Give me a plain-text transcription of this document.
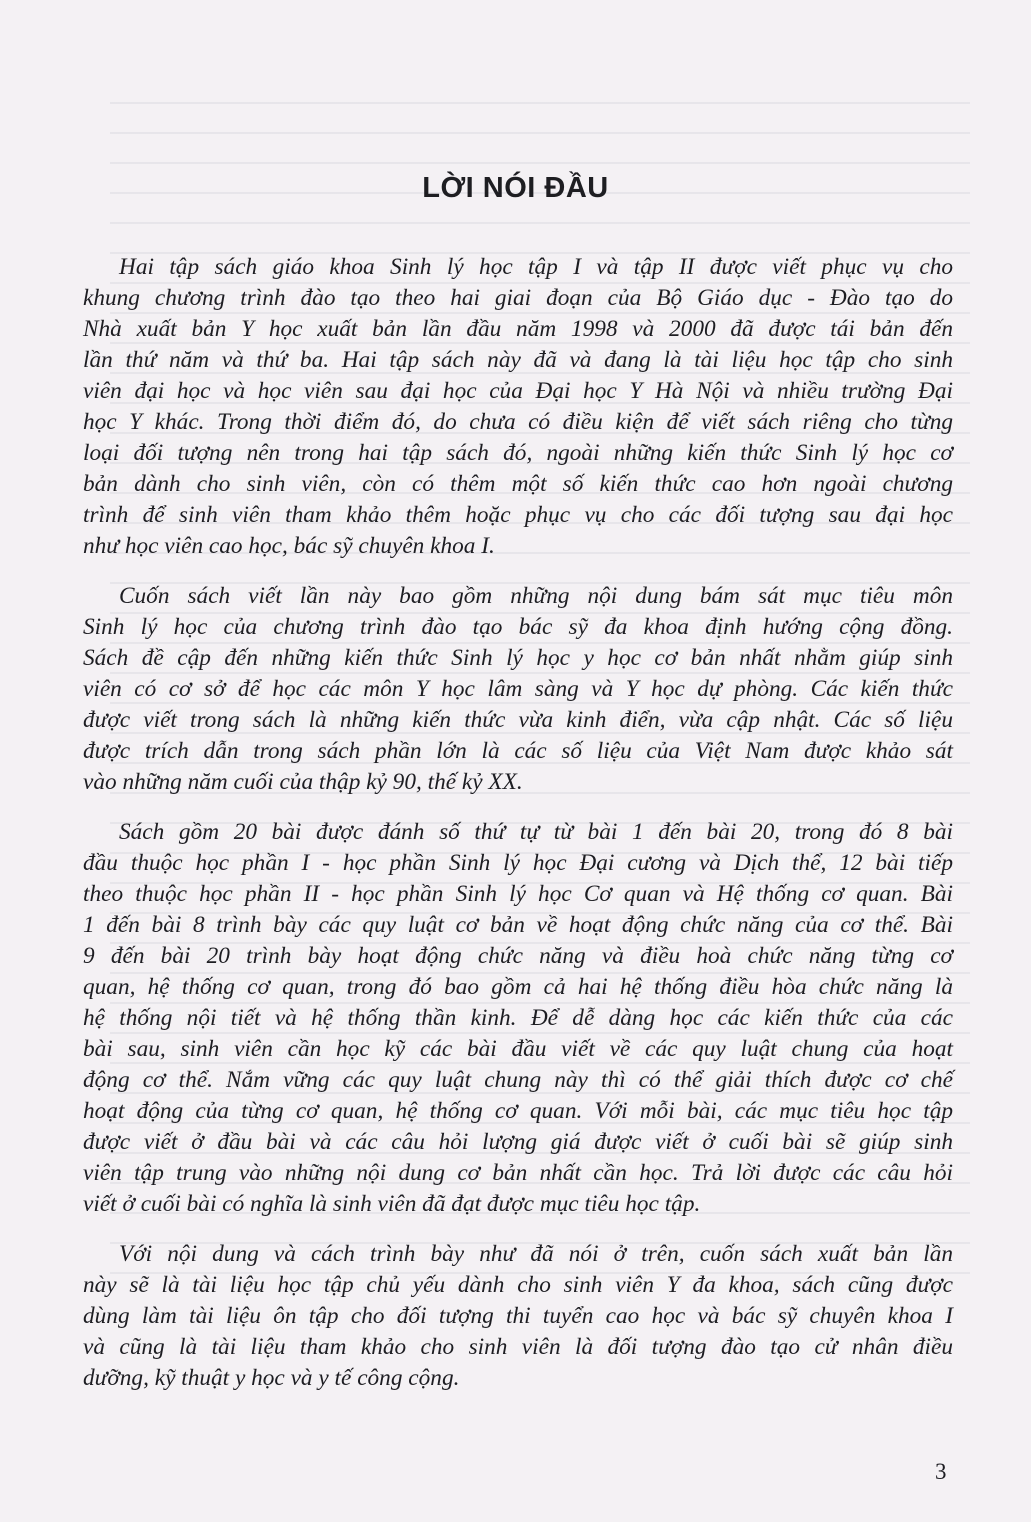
LỜI NÓI ĐẦU

Hai tập sách giáo khoa Sinh lý học tập I và tập II được viết phục vụ cho
khung chương trình đào tạo theo hai giai đoạn của Bộ Giáo dục - Đào tạo do
Nhà xuất bản Y học xuất bản lần đầu năm 1998 và 2000 đã được tái bản đến
lần thứ năm và thứ ba. Hai tập sách này đã và đang là tài liệu học tập cho sinh
viên đại học và học viên sau đại học của Đại học Y Hà Nội và nhiều trường Đại
học Y khác. Trong thời điểm đó, do chưa có điều kiện để viết sách riêng cho từng
loại đối tượng nên trong hai tập sách đó, ngoài những kiến thức Sinh lý học cơ
bản dành cho sinh viên, còn có thêm một số kiến thức cao hơn ngoài chương
trình để sinh viên tham khảo thêm hoặc phục vụ cho các đối tượng sau đại học
như học viên cao học, bác sỹ chuyên khoa I.

Cuốn sách viết lần này bao gồm những nội dung bám sát mục tiêu môn
Sinh lý học của chương trình đào tạo bác sỹ đa khoa định hướng cộng đồng.
Sách đề cập đến những kiến thức Sinh lý học y học cơ bản nhất nhằm giúp sinh
viên có cơ sở để học các môn Y học lâm sàng và Y học dự phòng. Các kiến thức
được viết trong sách là những kiến thức vừa kinh điển, vừa cập nhật. Các số liệu
được trích dẫn trong sách phần lớn là các số liệu của Việt Nam được khảo sát
vào những năm cuối của thập kỷ 90, thế kỷ XX.

Sách gồm 20 bài được đánh số thứ tự từ bài 1 đến bài 20, trong đó 8 bài
đầu thuộc học phần I - học phần Sinh lý học Đại cương và Dịch thể, 12 bài tiếp
theo thuộc học phần II - học phần Sinh lý học Cơ quan và Hệ thống cơ quan. Bài
1 đến bài 8 trình bày các quy luật cơ bản về hoạt động chức năng của cơ thể. Bài
9 đến bài 20 trình bày hoạt động chức năng và điều hoà chức năng từng cơ
quan, hệ thống cơ quan, trong đó bao gồm cả hai hệ thống điều hòa chức năng là
hệ thống nội tiết và hệ thống thần kinh. Để dễ dàng học các kiến thức của các
bài sau, sinh viên cần học kỹ các bài đầu viết về các quy luật chung của hoạt
động cơ thể. Nắm vững các quy luật chung này thì có thể giải thích được cơ chế
hoạt động của từng cơ quan, hệ thống cơ quan. Với mỗi bài, các mục tiêu học tập
được viết ở đầu bài và các câu hỏi lượng giá được viết ở cuối bài sẽ giúp sinh
viên tập trung vào những nội dung cơ bản nhất cần học. Trả lời được các câu hỏi
viết ở cuối bài có nghĩa là sinh viên đã đạt được mục tiêu học tập.

Với nội dung và cách trình bày như đã nói ở trên, cuốn sách xuất bản lần
này sẽ là tài liệu học tập chủ yếu dành cho sinh viên Y đa khoa, sách cũng được
dùng làm tài liệu ôn tập cho đối tượng thi tuyển cao học và bác sỹ chuyên khoa I
và cũng là tài liệu tham khảo cho sinh viên là đối tượng đào tạo cử nhân điều
dưỡng, kỹ thuật y học và y tế công cộng.

3
